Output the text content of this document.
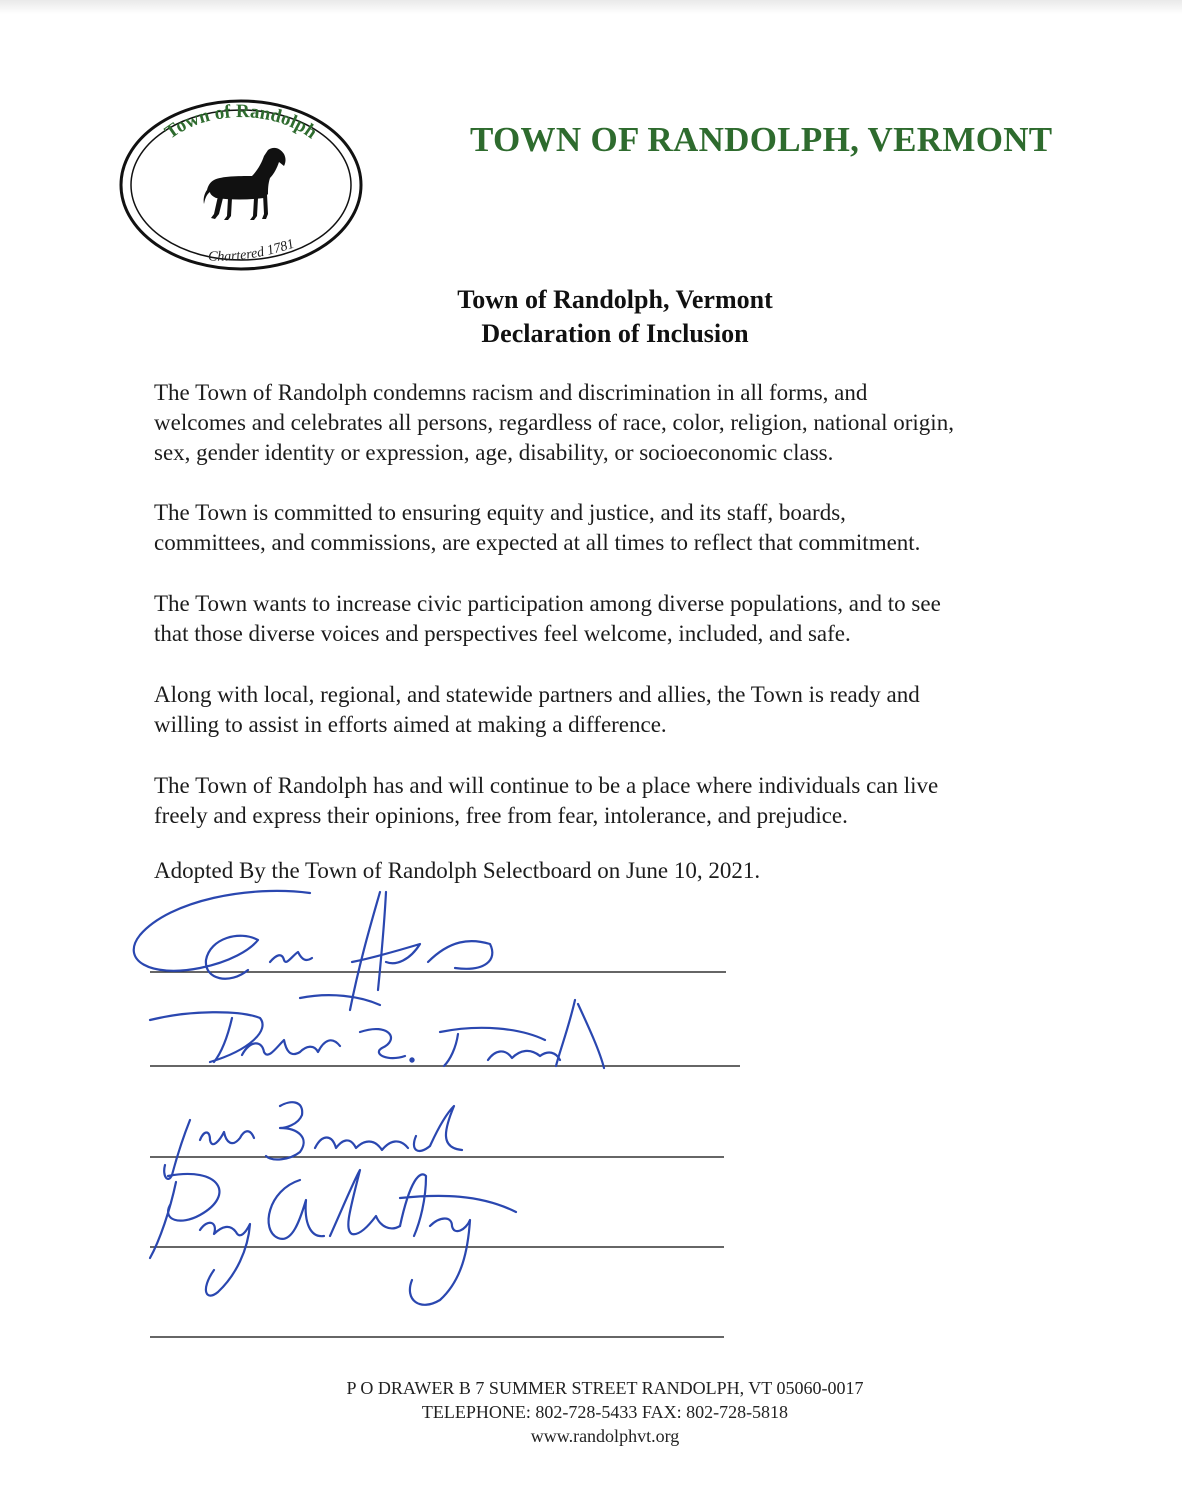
Town of Randolph
Chartered 1781
TOWN OF RANDOLPH, VERMONT
Town of Randolph, Vermont
Declaration of Inclusion
The Town of Randolph condemns racism and discrimination in all forms, and
welcomes and celebrates all persons, regardless of race, color, religion, national origin,
sex, gender identity or expression, age, disability, or socioeconomic class.
The Town is committed to ensuring equity and justice, and its staff, boards,
committees, and commissions, are expected at all times to reflect that commitment.
The Town wants to increase civic participation among diverse populations, and to see
that those diverse voices and perspectives feel welcome, included, and safe.
Along with local, regional, and statewide partners and allies, the Town is ready and
willing to assist in efforts aimed at making a difference.
The Town of Randolph has and will continue to be a place where individuals can live
freely and express their opinions, free from fear, intolerance, and prejudice.
Adopted By the Town of Randolph Selectboard on June 10, 2021.
P O DRAWER B 7 SUMMER STREET RANDOLPH, VT 05060-0017
TELEPHONE: 802-728-5433 FAX: 802-728-5818
www.randolphvt.org
